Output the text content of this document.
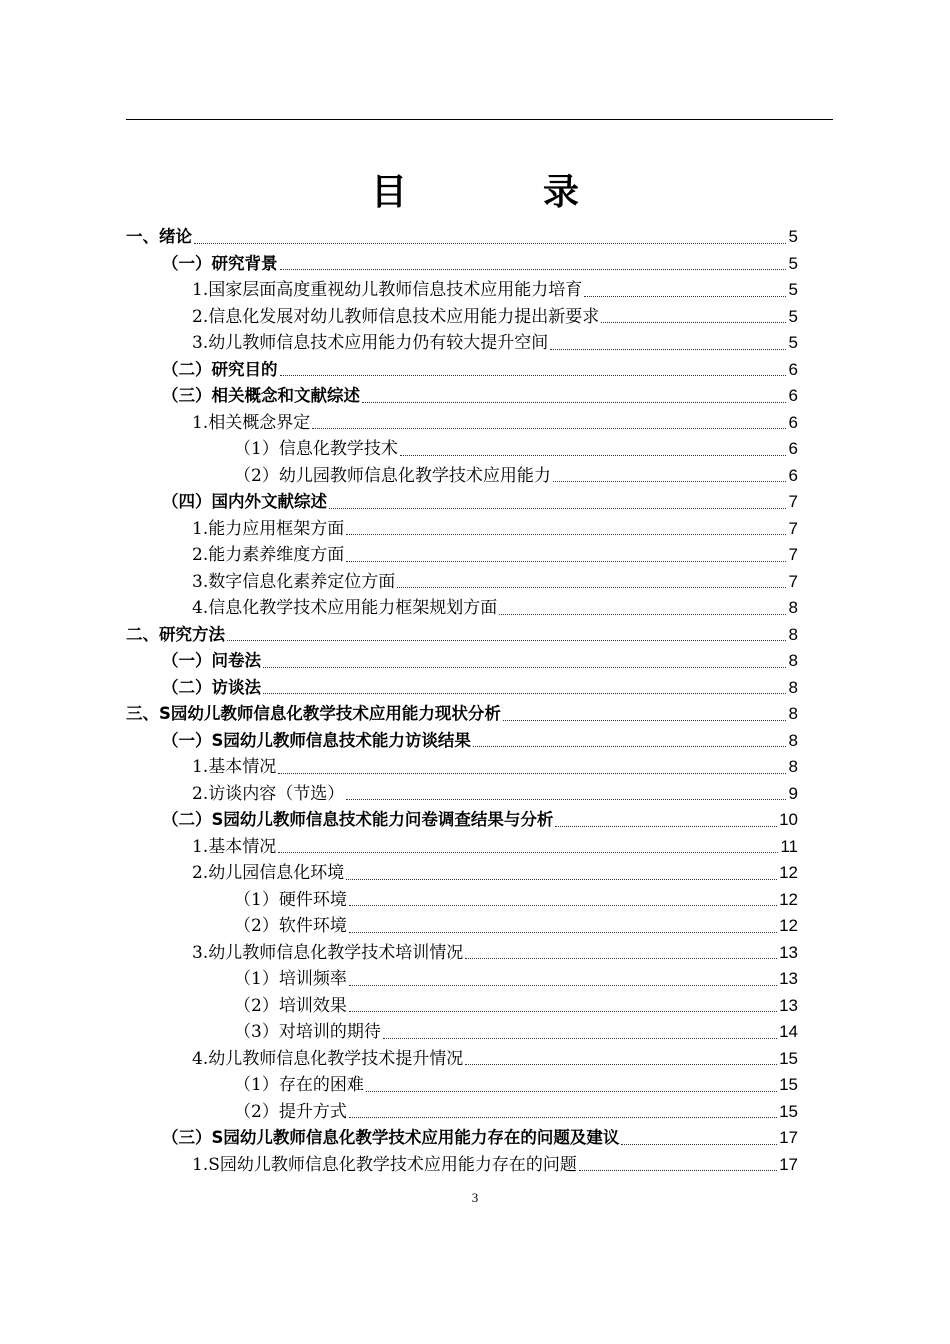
目　录
一、绪论	5
（一）研究背景	5
1.国家层面高度重视幼儿教师信息技术应用能力培育	5
2.信息化发展对幼儿教师信息技术应用能力提出新要求	5
3.幼儿教师信息技术应用能力仍有较大提升空间	5
（二）研究目的	6
（三）相关概念和文献综述	6
1.相关概念界定	6
（1）信息化教学技术	6
（2）幼儿园教师信息化教学技术应用能力	6
（四）国内外文献综述	7
1.能力应用框架方面	7
2.能力素养维度方面	7
3.数字信息化素养定位方面	7
4.信息化教学技术应用能力框架规划方面	8
二、研究方法	8
（一）问卷法	8
（二）访谈法	8
三、S园幼儿教师信息化教学技术应用能力现状分析	8
（一）S园幼儿教师信息技术能力访谈结果	8
1.基本情况	8
2.访谈内容（节选）	9
（二）S园幼儿教师信息技术能力问卷调查结果与分析	10
1.基本情况	11
2.幼儿园信息化环境	12
（1）硬件环境	12
（2）软件环境	12
3.幼儿教师信息化教学技术培训情况	13
（1）培训频率	13
（2）培训效果	13
（3）对培训的期待	14
4.幼儿教师信息化教学技术提升情况	15
（1）存在的困难	15
（2）提升方式	15
（三）S园幼儿教师信息化教学技术应用能力存在的问题及建议	17
1.S园幼儿教师信息化教学技术应用能力存在的问题	17
3
